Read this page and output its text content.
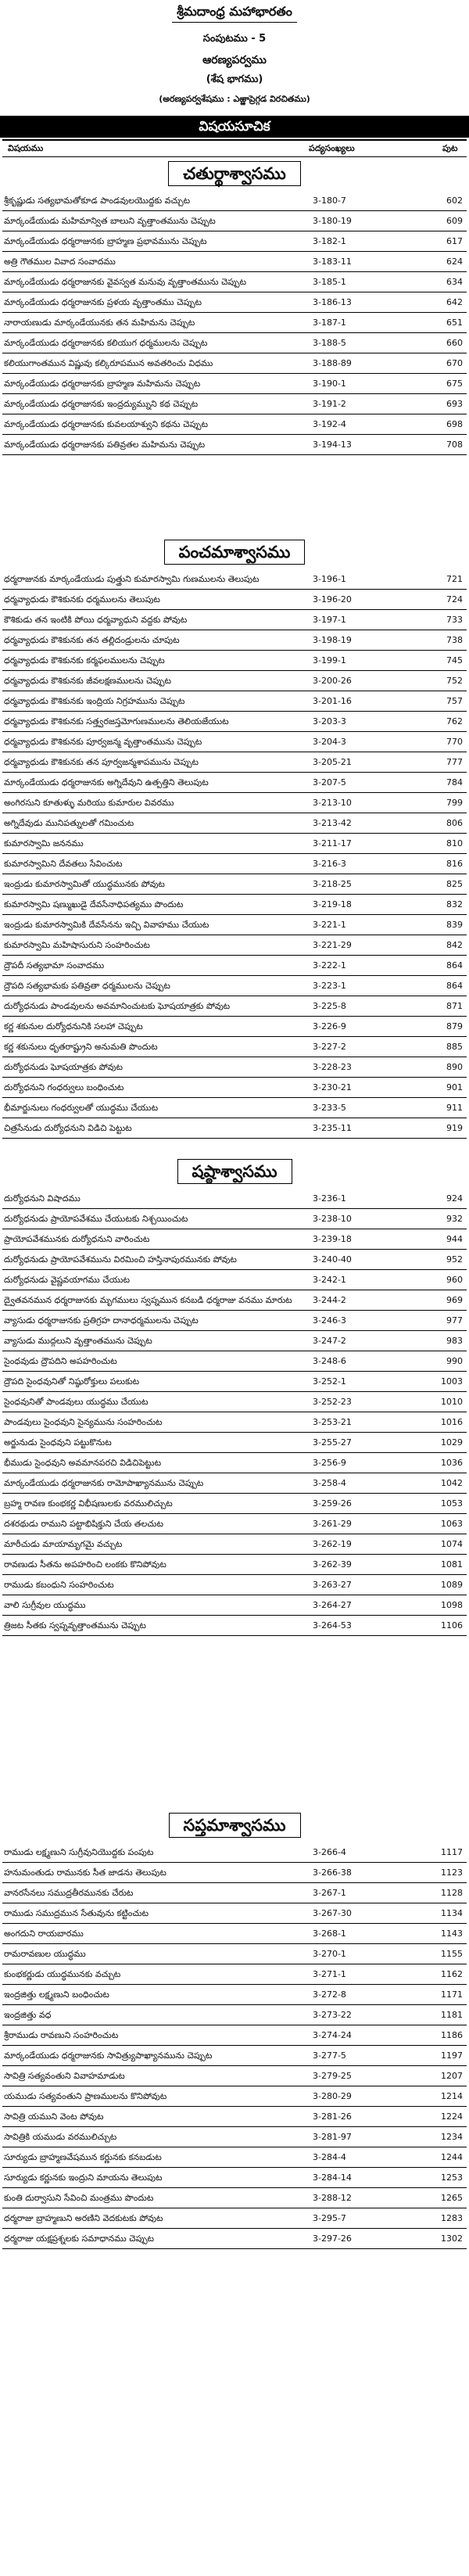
శ్రీమదాంధ్ర మహాభారతం
సంపుటము - 5
ఆరణ్యపర్వము
(శేష భాగము)
(అరణ్యపర్వశేషము : ఎఱ్ఱాప్రెగ్గడ విరచితము)
విషయసూచిక
విషయము	పద్యసంఖ్యలు	పుట
చతుర్థాశ్వాసము
శ్రీకృష్ణుడు సత్యభామతోకూడ పాండవులయొద్దకు వచ్చుట	3-180-7	602
మార్కండేయుడు మహిమాన్విత బాలుని వృత్తాంతమును చెప్పుట	3-180-19	609
మార్కండేయుడు ధర్మరాజునకు బ్రాహ్మణ ప్రభావమును చెప్పుట	3-182-1	617
అత్రి గౌతముల వివాద సంవాదము	3-183-11	624
మార్కండేయుడు ధర్మరాజునకు వైవస్వత మనువు వృత్తాంతమును చెప్పుట	3-185-1	634
మార్కండేయుడు ధర్మరాజునకు ప్రళయ వృత్తాంతము చెప్పుట	3-186-13	642
నారాయణుడు మార్కండేయునకు తన మహిమను చెప్పుట	3-187-1	651
మార్కండేయుడు ధర్మరాజునకు కలియుగ ధర్మములను చెప్పుట	3-188-5	660
కలియుగాంతమున విష్ణువు కల్కిరూపమున అవతరించు విధము	3-188-89	670
మార్కండేయుడు ధర్మరాజునకు బ్రాహ్మణ మహిమను చెప్పుట	3-190-1	675
మార్కండేయుడు ధర్మరాజునకు ఇంద్రద్యుమ్నుని కథ చెప్పుట	3-191-2	693
మార్కండేయుడు ధర్మరాజునకు కువలయాశ్వుని కథను చెప్పుట	3-192-4	698
మార్కండేయుడు ధర్మరాజునకు పతివ్రతల మహిమను చెప్పుట	3-194-13	708
పంచమాశ్వాసము
ధర్మరాజునకు మార్కండేయుడు పుత్త్రుని కుమారస్వామి గుణములను తెలుపుట	3-196-1	721
ధర్మవ్యాధుడు కౌశికునకు ధర్మములను తెలుపుట	3-196-20	724
కౌశికుడు తన ఇంటికి పోయి ధర్మవ్యాధుని వద్దకు పోవుట	3-197-1	733
ధర్మవ్యాధుడు కౌశికునకు తన తల్లిదండ్రులను చూపుట	3-198-19	738
ధర్మవ్యాధుడు కౌశికునకు కర్మఫలములను చెప్పుట	3-199-1	745
ధర్మవ్యాధుడు కౌశికునకు జీవలక్షణములను చెప్పుట	3-200-26	752
ధర్మవ్యాధుడు కౌశికునకు ఇంద్రియ నిగ్రహమును చెప్పుట	3-201-16	757
ధర్మవ్యాధుడు కౌశికునకు సత్త్వరజస్తమోగుణములను తెలియజేయుట	3-203-3	762
ధర్మవ్యాధుడు కౌశికునకు పూర్వజన్మ వృత్తాంతమును చెప్పుట	3-204-3	770
ధర్మవ్యాధుడు కౌశికునకు తన పూర్వజన్మశాపమును చెప్పుట	3-205-21	777
మార్కండేయుడు ధర్మరాజునకు అగ్నిదేవుని ఉత్పత్తిని తెలుపుట	3-207-5	784
అంగిరసుని కూతుళ్ళు మరియు కుమారుల వివరము	3-213-10	799
అగ్నిదేవుడు మునిపత్నులతో గమించుట	3-213-42	806
కుమారస్వామి జననము	3-211-17	810
కుమారస్వామిని దేవతలు సేవించుట	3-216-3	816
ఇంద్రుడు కుమారస్వామితో యుద్ధమునకు పోవుట	3-218-25	825
కుమారస్వామి షణ్ముఖుడై దేవసేనాధిపత్యము పొందుట	3-219-18	832
ఇంద్రుడు కుమారస్వామికి దేవసేనను ఇచ్చి వివాహము చేయుట	3-221-1	839
కుమారస్వామి మహిషాసురుని సంహరించుట	3-221-29	842
ద్రౌపదీ సత్యభామా సంవాదము	3-222-1	864
ద్రౌపది సత్యభామకు పతివ్రతా ధర్మములను చెప్పుట	3-223-1	864
దుర్యోధనుడు పాండవులను అవమానించుటకు ఘోషయాత్రకు పోవుట	3-225-8	871
కర్ణ శకునుల దుర్యోధనునికి సలహా చెప్పుట	3-226-9	879
కర్ణ శకునులు ధృతరాష్ట్రుని అనుమతి పొందుట	3-227-2	885
దుర్యోధనుడు ఘోషయాత్రకు పోవుట	3-228-23	890
దుర్యోధనుని గంధర్వులు బంధించుట	3-230-21	901
భీమార్జునులు గంధర్వులతో యుద్ధము చేయుట	3-233-5	911
చిత్రసేనుడు దుర్యోధనుని విడిచి పెట్టుట	3-235-11	919
షష్ఠాశ్వాసము
దుర్యోధనుని విషాదము	3-236-1	924
దుర్యోధనుడు ప్రాయోపవేశము చేయుటకు నిశ్చయించుట	3-238-10	932
ప్రాయోపవేశమునకు దుర్యోధనుని వారించుట	3-239-18	944
దుర్యోధనుడు ప్రాయోపవేశమును విరమించి హస్తినాపురమునకు పోవుట	3-240-40	952
దుర్యోధనుడు వైష్ణవయాగము చేయుట	3-242-1	960
ద్వైతవనమున ధర్మరాజునకు మృగములు స్వప్నమున కనబడి ధర్మరాజు వనము మారుట	3-244-2	969
వ్యాసుడు ధర్మరాజునకు ప్రతిగ్రహ దానాధర్మములను చెప్పుట	3-246-3	977
వ్యాసుడు ముద్గలుని వృత్తాంతమును చెప్పుట	3-247-2	983
సైంధవుడు ద్రౌపదిని అపహరించుట	3-248-6	990
ద్రౌపది సైంధవునితో నిష్ఠురోక్తులు పలుకుట	3-252-1	1003
సైంధవునితో పాండవులు యుద్ధము చేయుట	3-252-23	1010
పాండవులు సైంధవుని సైన్యమును సంహరించుట	3-253-21	1016
అర్జునుడు సైంధవుని పట్టుకొనుట	3-255-27	1029
భీముడు సైంధవుని అవమానపరచి విడిచిపెట్టుట	3-256-9	1036
మార్కండేయుడు ధర్మరాజునకు రామోపాఖ్యానమును చెప్పుట	3-258-4	1042
బ్రహ్మ రావణ కుంభకర్ణ విభీషణులకు వరములిచ్చుట	3-259-26	1053
దశరథుడు రాముని పట్టాభిషిక్తుని చేయ తలచుట	3-261-29	1063
మారీచుడు మాయామృగమై వచ్చుట	3-262-19	1074
రావణుడు సీతను అపహరించి లంకకు కొనిపోవుట	3-262-39	1081
రాముడు కబంధుని సంహరించుట	3-263-27	1089
వాలి సుగ్రీవుల యుద్ధము	3-264-27	1098
త్రిజట సీతకు స్వప్నవృత్తాంతమును చెప్పుట	3-264-53	1106
సప్తమాశ్వాసము
రాముడు లక్ష్మణుని సుగ్రీవునియొద్దకు పంపుట	3-266-4	1117
హనుమంతుడు రామునకు సీత జాడను తెలుపుట	3-266-38	1123
వానరసేనలు సముద్రతీరమునకు చేరుట	3-267-1	1128
రాముడు సముద్రమున సేతువును కట్టించుట	3-267-30	1134
అంగదుని రాయబారము	3-268-1	1143
రామరావణుల యుద్ధము	3-270-1	1155
కుంభకర్ణుడు యుద్ధమునకు వచ్చుట	3-271-1	1162
ఇంద్రజిత్తు లక్ష్మణుని బంధించుట	3-272-8	1171
ఇంద్రజిత్తు వధ	3-273-22	1181
శ్రీరాముడు రావణుని సంహరించుట	3-274-24	1186
మార్కండేయుడు ధర్మరాజునకు సావిత్ర్యుపాఖ్యానమును చెప్పుట	3-277-5	1197
సావిత్రి సత్యవంతుని వివాహమాడుట	3-279-25	1207
యముడు సత్యవంతుని ప్రాణములను కొనిపోవుట	3-280-29	1214
సావిత్రి యముని వెంట పోవుట	3-281-26	1224
సావిత్రికి యముడు వరములిచ్చుట	3-281-97	1234
సూర్యుడు బ్రాహ్మణవేషమున కర్ణునకు కనబడుట	3-284-4	1244
సూర్యుడు కర్ణునకు ఇంద్రుని మాయను తెలుపుట	3-284-14	1253
కుంతి దుర్వాసుని సేవించి మంత్రము పొందుట	3-288-12	1265
ధర్మరాజు బ్రాహ్మణుని అరణిని వెదకుటకు పోవుట	3-295-7	1283
ధర్మరాజు యక్షప్రశ్నలకు సమాధానము చెప్పుట	3-297-26	1302
